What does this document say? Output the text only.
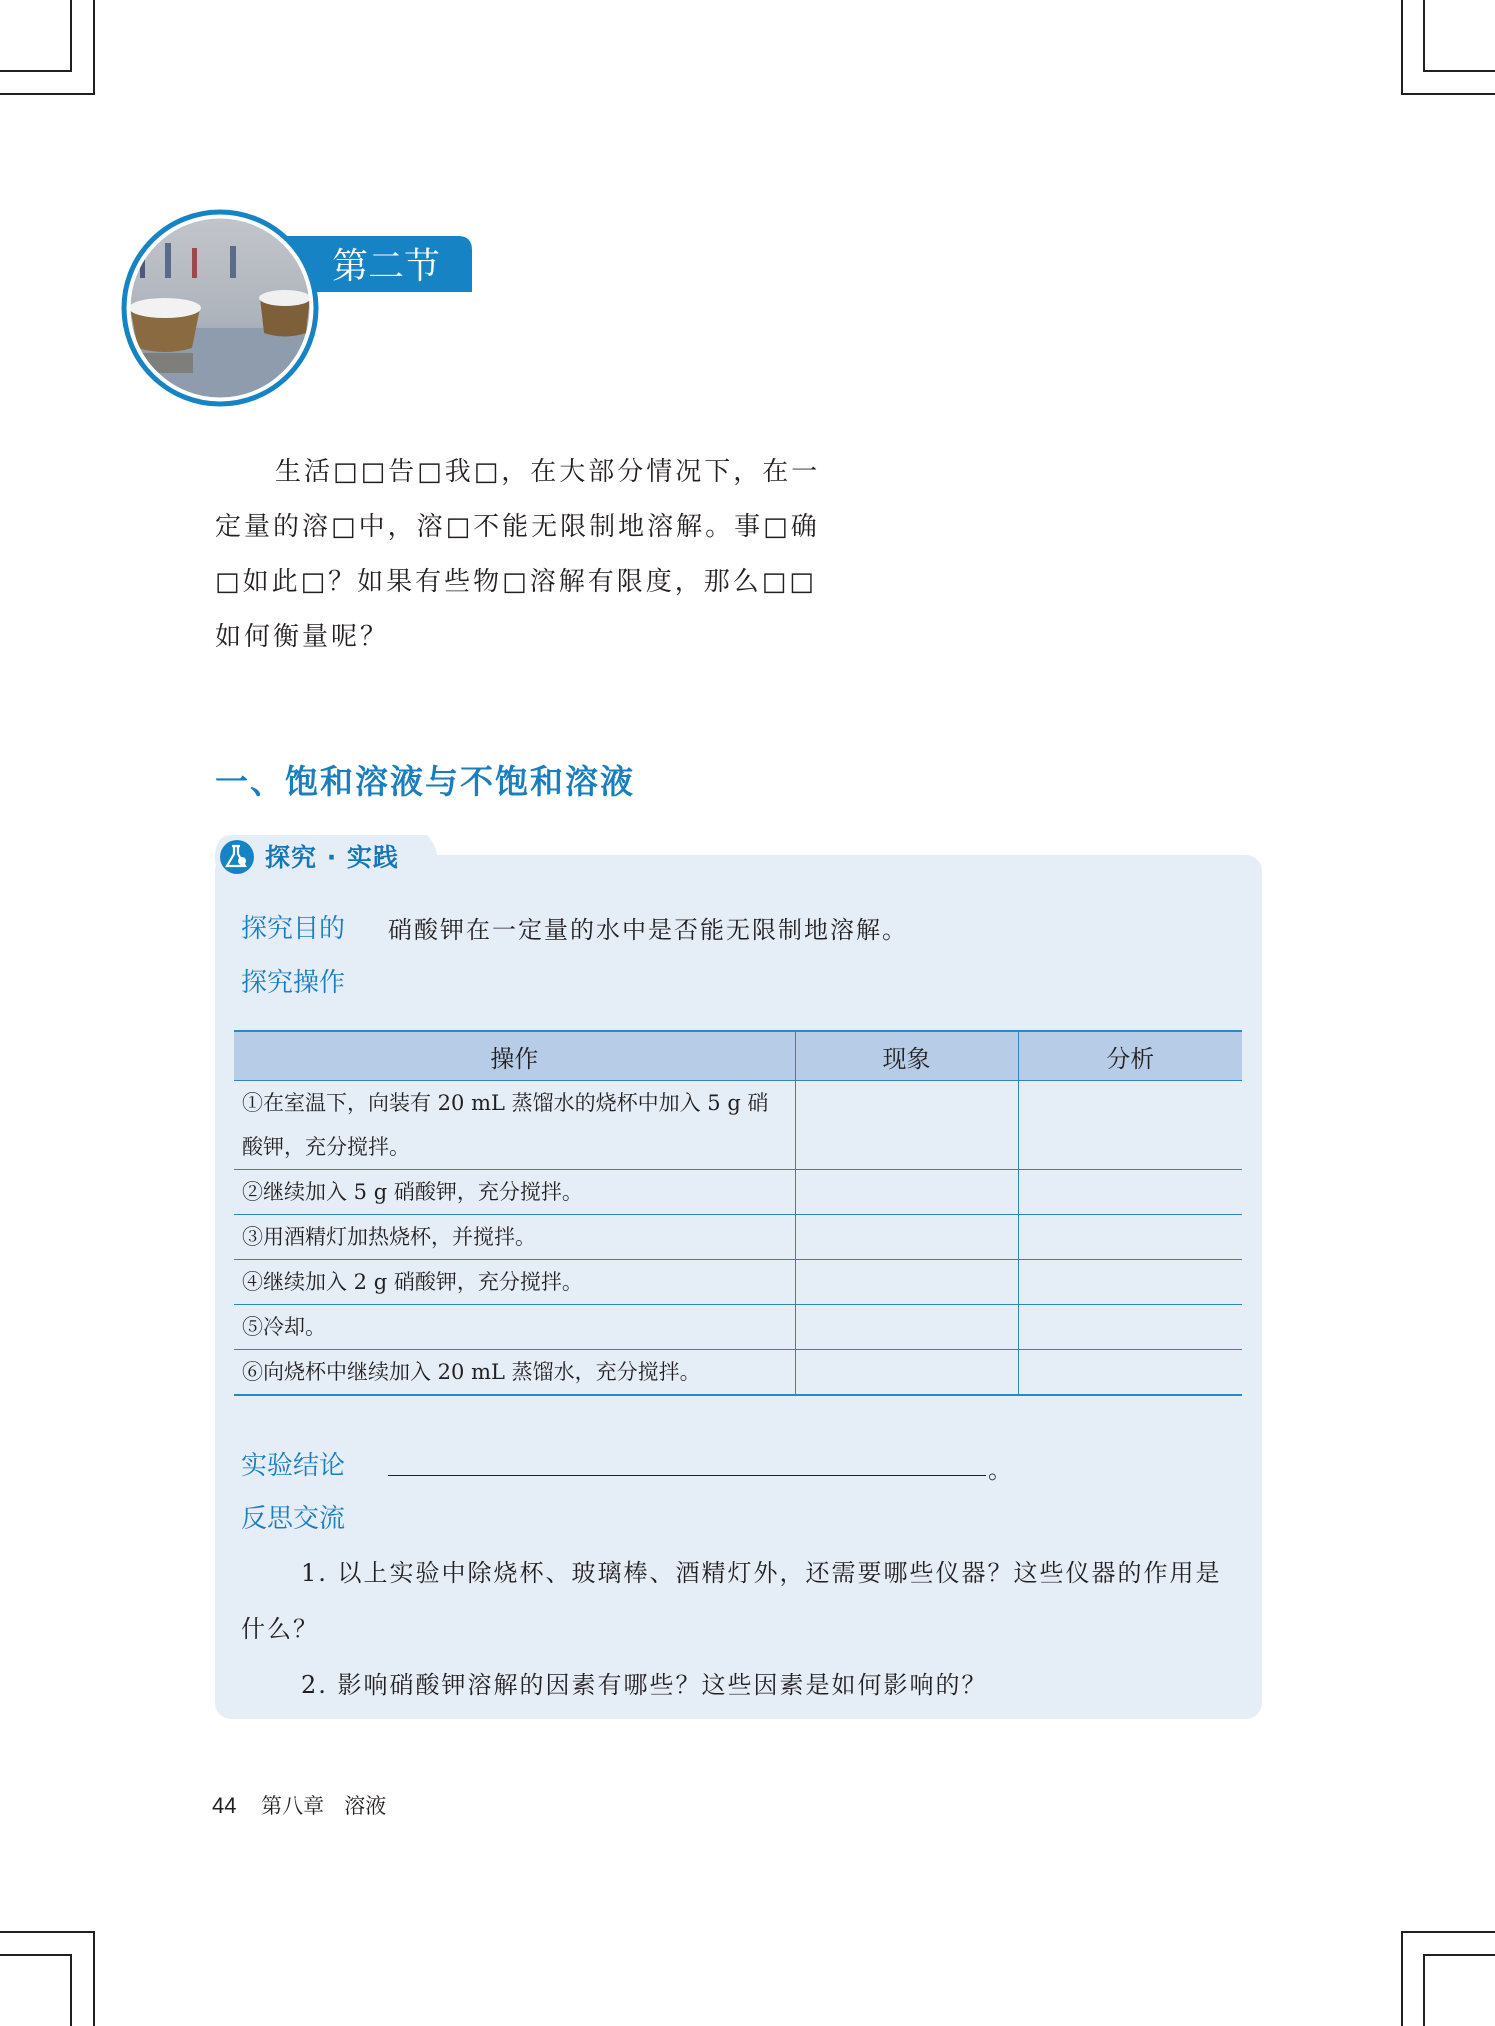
第二节

生活□□告□我□，在大部分情况下，在一定量的溶□中，溶□不能无限制地溶解。事□确□如此□？如果有些物□溶解有限度，那么□□如何衡量呢？

一、饱和溶液与不饱和溶液
探究 · 实践
探究目的 硝酸钾在一定量的水中是否能无限制地溶解。
探究操作
操作	现象	分析
①在室温下，向装有 20 mL 蒸馏水的烧杯中加入 5 g 硝酸钾，充分搅拌。		
②继续加入 5 g 硝酸钾，充分搅拌。		
③用酒精灯加热烧杯，并搅拌。		
④继续加入 2 g 硝酸钾，充分搅拌。		
⑤冷却。		
⑥向烧杯中继续加入 20 mL 蒸馏水，充分搅拌。		
实验结论	。
反思交流
1. 以上实验中除烧杯、玻璃棒、酒精灯外，还需要哪些仪器？这些仪器的作用是什么？
2. 影响硝酸钾溶解的因素有哪些？这些因素是如何影响的？
44 第八章   溶液
